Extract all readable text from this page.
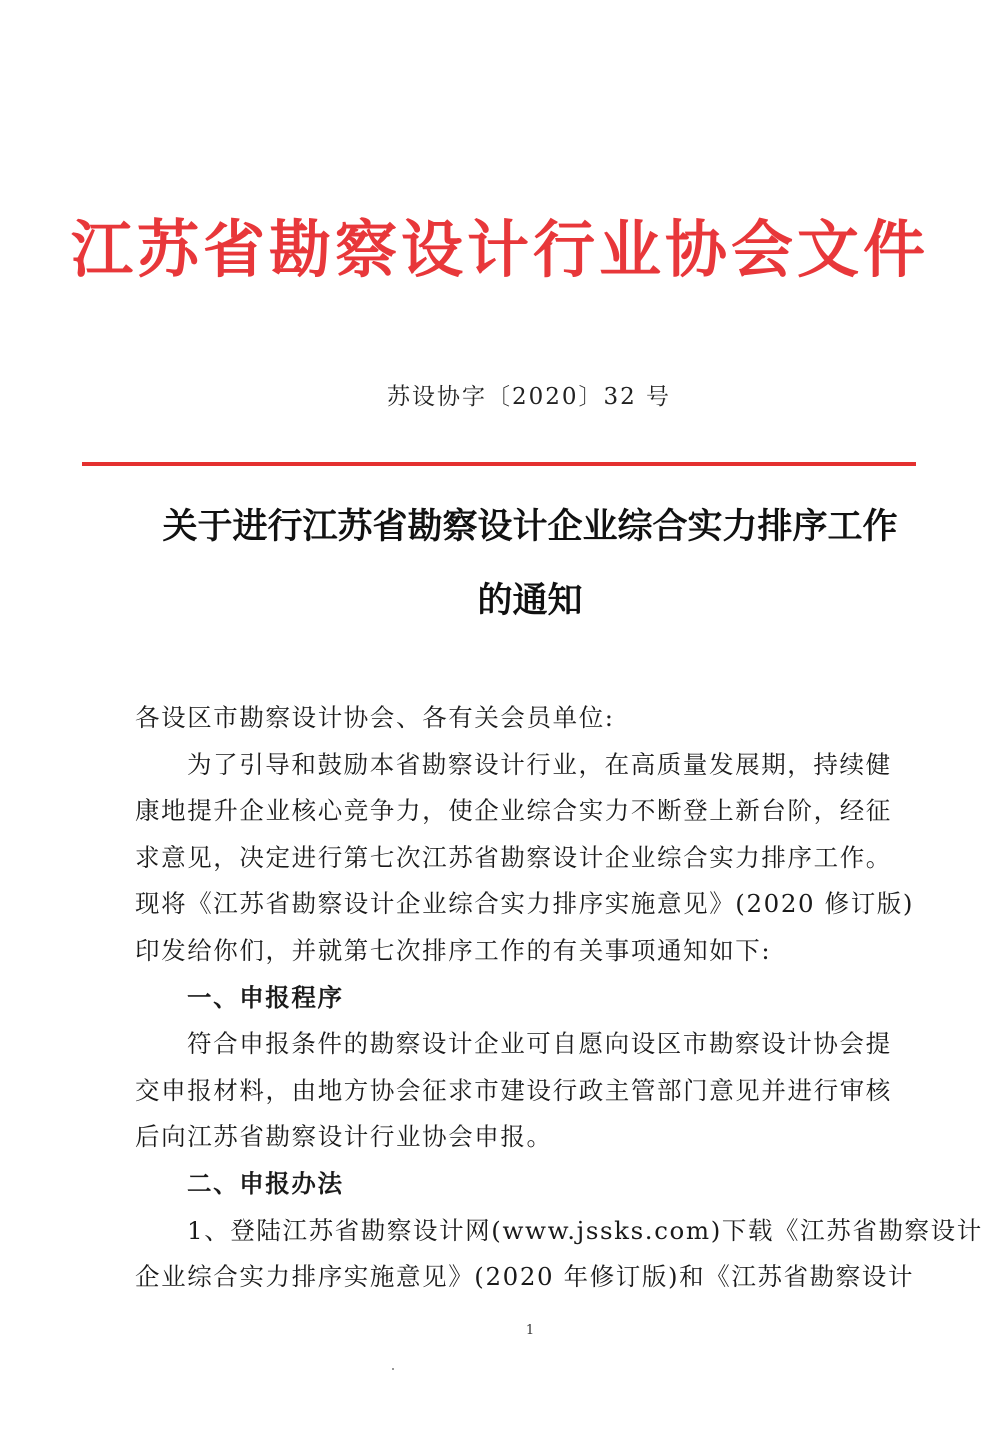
江苏省勘察设计行业协会文件
苏设协字〔2020〕32 号
关于进行江苏省勘察设计企业综合实力排序工作
的通知
各设区市勘察设计协会、各有关会员单位:
为了引导和鼓励本省勘察设计行业，在高质量发展期，持续健
康地提升企业核心竞争力，使企业综合实力不断登上新台阶，经征
求意见，决定进行第七次江苏省勘察设计企业综合实力排序工作。
现将《江苏省勘察设计企业综合实力排序实施意见》(2020 修订版)
印发给你们，并就第七次排序工作的有关事项通知如下:
一、申报程序
符合申报条件的勘察设计企业可自愿向设区市勘察设计协会提
交申报材料，由地方协会征求市建设行政主管部门意见并进行审核
后向江苏省勘察设计行业协会申报。
二、申报办法
1、登陆江苏省勘察设计网(www.jssks.com)下载《江苏省勘察设计
企业综合实力排序实施意见》(2020 年修订版)和《江苏省勘察设计
1
